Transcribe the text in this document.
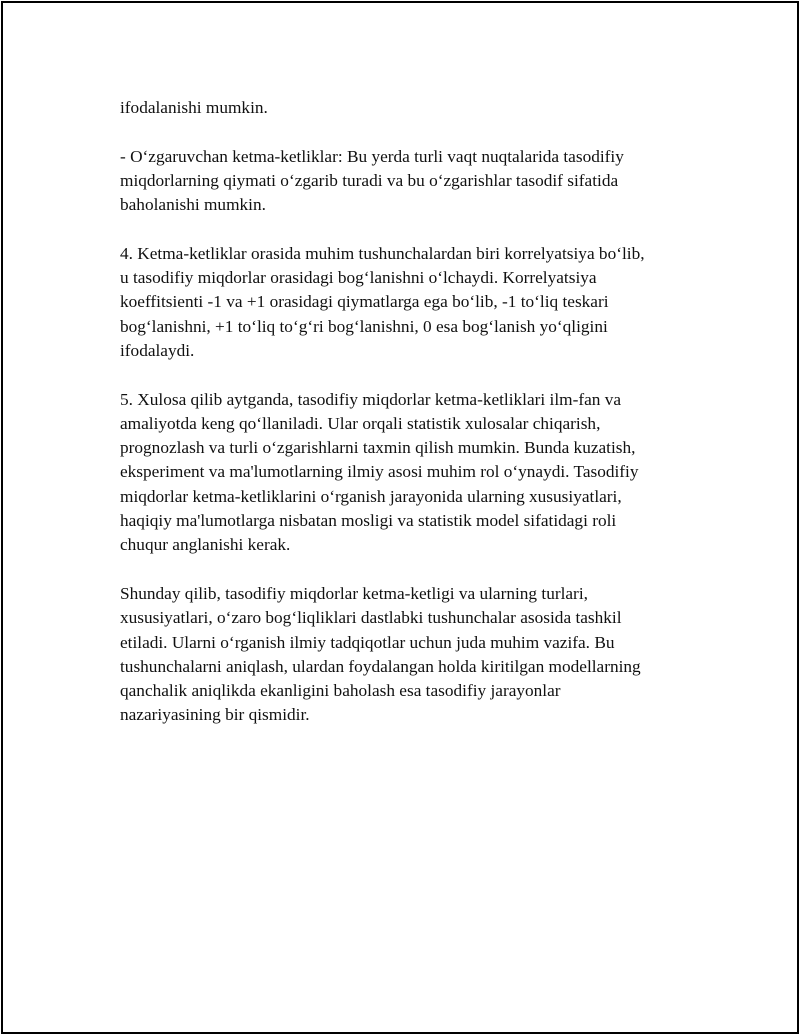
ifodalanishi mumkin.

- O‘zgaruvchan ketma-ketliklar: Bu yerda turli vaqt nuqtalarida tasodifiy
miqdorlarning qiymati o‘zgarib turadi va bu o‘zgarishlar tasodif sifatida
baholanishi mumkin.

4. Ketma-ketliklar orasida muhim tushunchalardan biri korrelyatsiya bo‘lib,
u tasodifiy miqdorlar orasidagi bog‘lanishni o‘lchaydi. Korrelyatsiya
koeffitsienti -1 va +1 orasidagi qiymatlarga ega bo‘lib, -1 to‘liq teskari
bog‘lanishni, +1 to‘liq to‘g‘ri bog‘lanishni, 0 esa bog‘lanish yo‘qligini
ifodalaydi.

5. Xulosa qilib aytganda, tasodifiy miqdorlar ketma-ketliklari ilm-fan va
amaliyotda keng qo‘llaniladi. Ular orqali statistik xulosalar chiqarish,
prognozlash va turli o‘zgarishlarni taxmin qilish mumkin. Bunda kuzatish,
eksperiment va ma'lumotlarning ilmiy asosi muhim rol o‘ynaydi. Tasodifiy
miqdorlar ketma-ketliklarini o‘rganish jarayonida ularning xususiyatlari,
haqiqiy ma'lumotlarga nisbatan mosligi va statistik model sifatidagi roli
chuqur anglanishi kerak.

Shunday qilib, tasodifiy miqdorlar ketma-ketligi va ularning turlari,
xususiyatlari, o‘zaro bog‘liqliklari dastlabki tushunchalar asosida tashkil
etiladi. Ularni o‘rganish ilmiy tadqiqotlar uchun juda muhim vazifa. Bu
tushunchalarni aniqlash, ulardan foydalangan holda kiritilgan modellarning
qanchalik aniqlikda ekanligini baholash esa tasodifiy jarayonlar
nazariyasining bir qismidir.
